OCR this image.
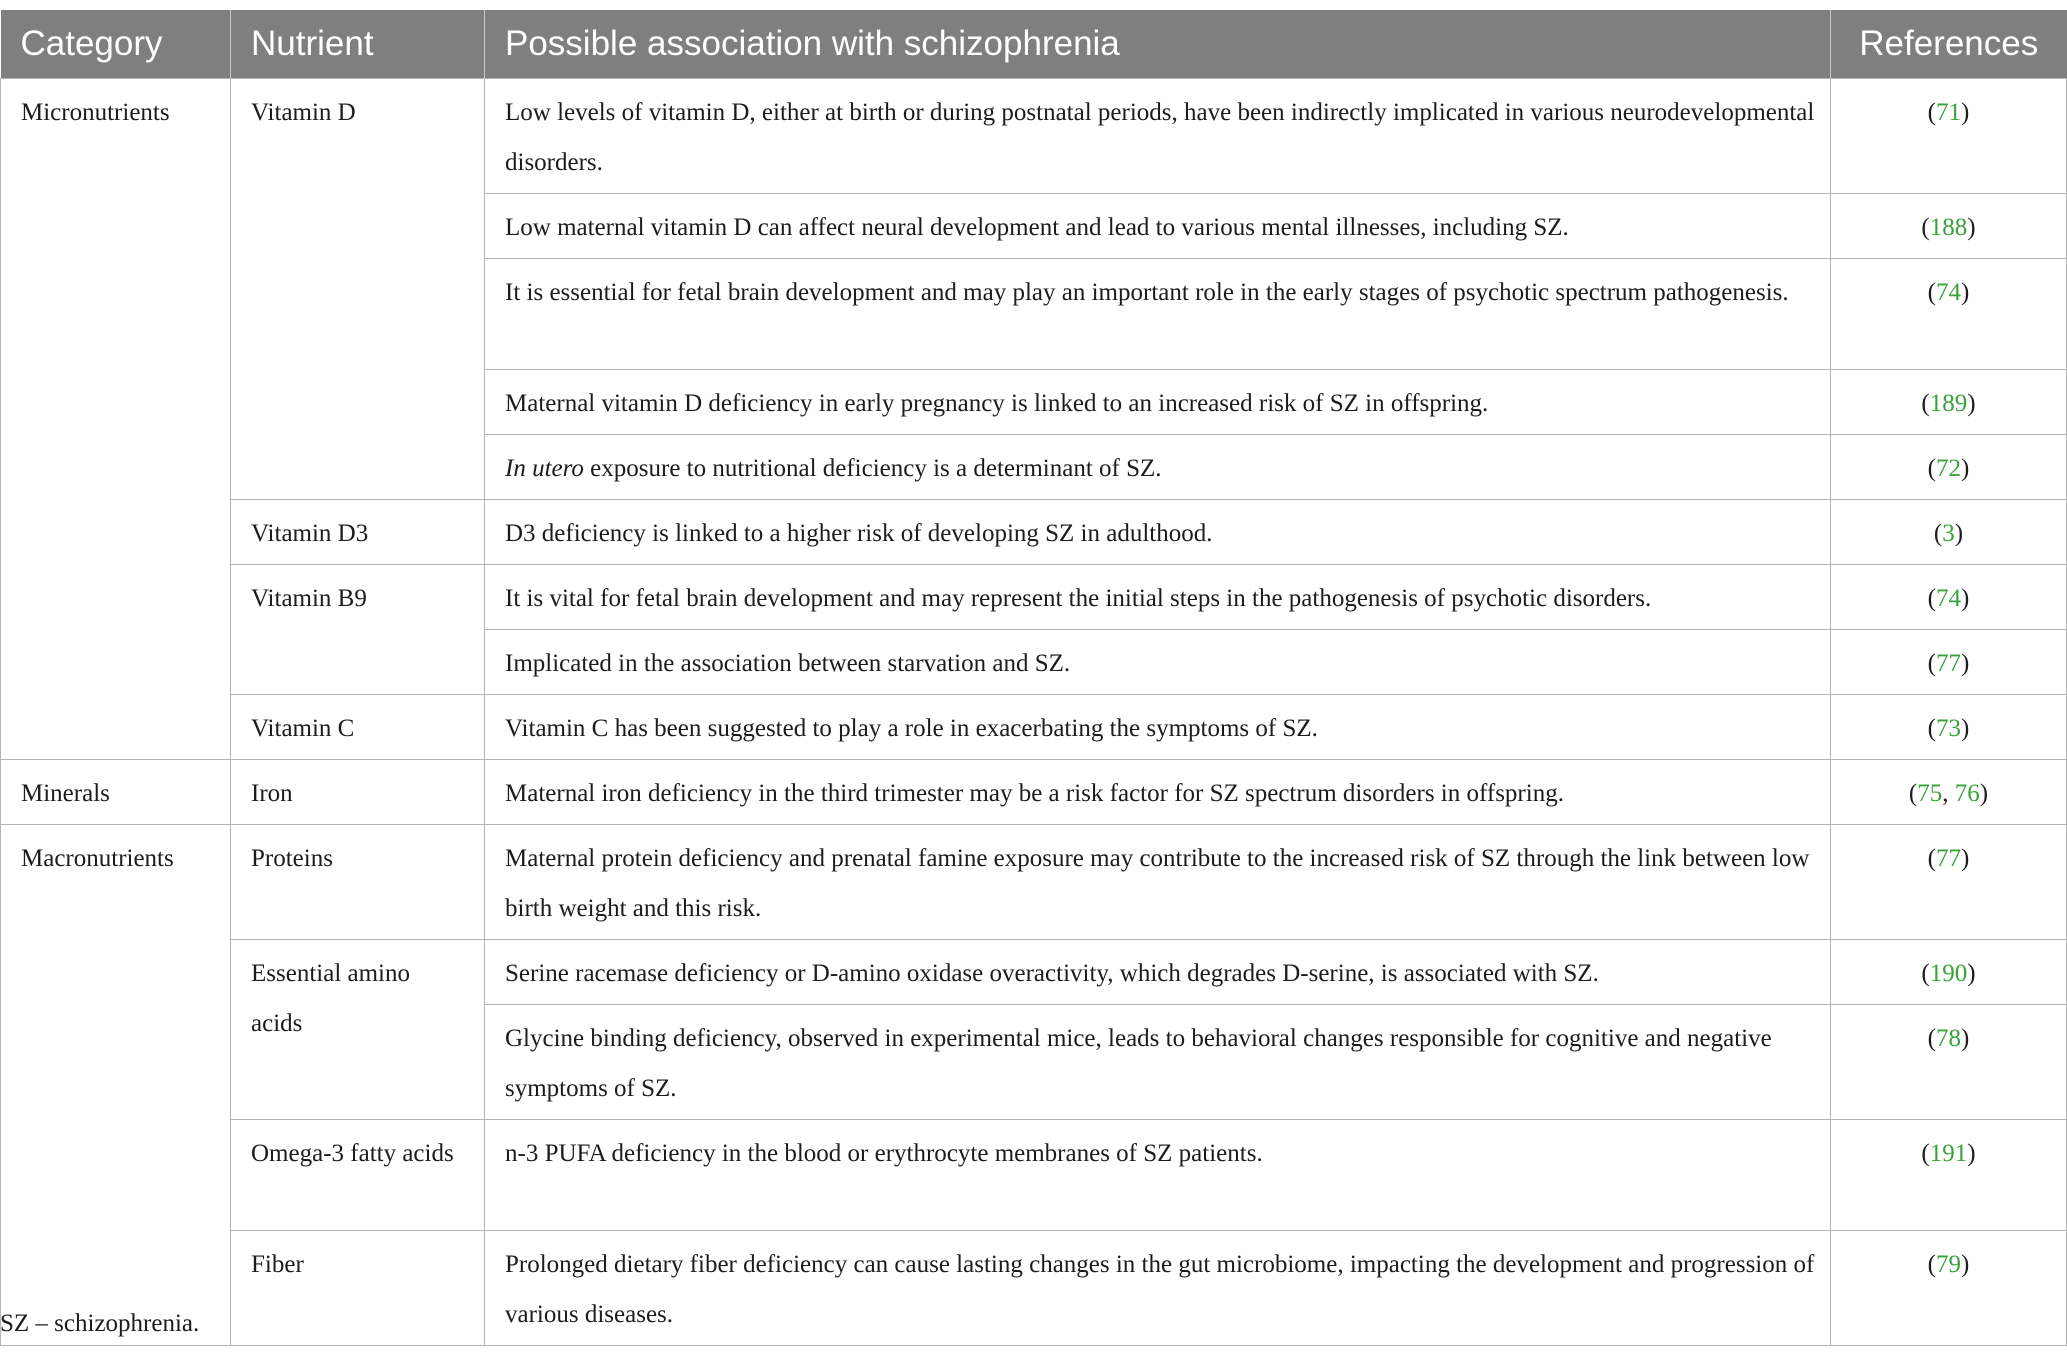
Category	Nutrient	Possible association with schizophrenia	References
Micronutrients	Vitamin D	Low levels of vitamin D, either at birth or during postnatal periods, have been indirectly implicated in various neurodevelopmental disorders.	(71)
		Low maternal vitamin D can affect neural development and lead to various mental illnesses, including SZ.	(188)
		It is essential for fetal brain development and may play an important role in the early stages of psychotic spectrum pathogenesis.	(74)
		Maternal vitamin D deficiency in early pregnancy is linked to an increased risk of SZ in offspring.	(189)
		In utero exposure to nutritional deficiency is a determinant of SZ.	(72)
	Vitamin D3	D3 deficiency is linked to a higher risk of developing SZ in adulthood.	(3)
	Vitamin B9	It is vital for fetal brain development and may represent the initial steps in the pathogenesis of psychotic disorders.	(74)
		Implicated in the association between starvation and SZ.	(77)
	Vitamin C	Vitamin C has been suggested to play a role in exacerbating the symptoms of SZ.	(73)
Minerals	Iron	Maternal iron deficiency in the third trimester may be a risk factor for SZ spectrum disorders in offspring.	(75, 76)
Macronutrients	Proteins	Maternal protein deficiency and prenatal famine exposure may contribute to the increased risk of SZ through the link between low birth weight and this risk.	(77)
	Essential amino acids	Serine racemase deficiency or D-amino oxidase overactivity, which degrades D-serine, is associated with SZ.	(190)
		Glycine binding deficiency, observed in experimental mice, leads to behavioral changes responsible for cognitive and negative symptoms of SZ.	(78)
	Omega-3 fatty acids	n-3 PUFA deficiency in the blood or erythrocyte membranes of SZ patients.	(191)
	Fiber	Prolonged dietary fiber deficiency can cause lasting changes in the gut microbiome, impacting the development and progression of various diseases.	(79)
SZ – schizophrenia.
